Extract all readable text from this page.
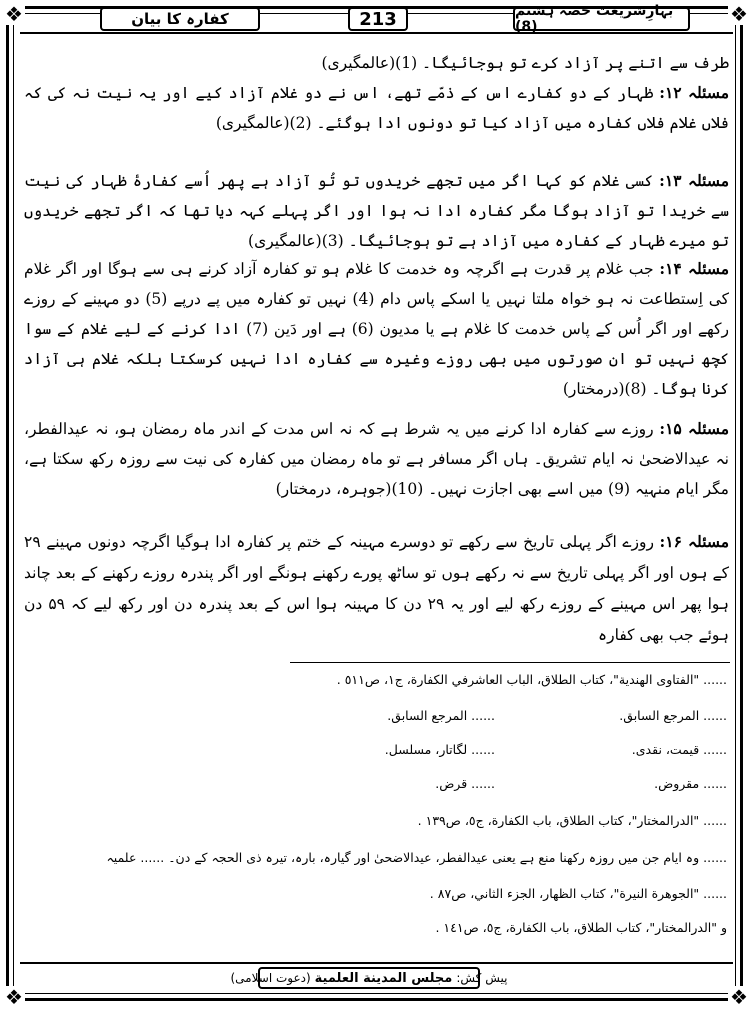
❖	❖
❖	❖
کفارہ کا بیان	213	بہارِشریعت حصہ ہشتم (8)
طرف سے اتنے پر آزاد کرے تو ہوجائیگا۔ (1)(عالمگیری)
مسئلہ ۱۲: ظہار کے دو کفارے اس کے ذمّے تھے، اس نے دو غلام آزاد کیے اور یہ نیت نہ کی کہ فلاں غلام فلاں کفارہ میں آزاد کیا تو دونوں ادا ہوگئے۔ (2)(عالمگیری)
مسئلہ ۱۳: کسی غلام کو کہا اگر میں تجھے خریدوں تو تُو آزاد ہے پھر اُسے کفارۂ ظہار کی نیت سے خریدا تو آزاد ہوگا مگر کفارہ ادا نہ ہوا اور اگر پہلے کہہ دیا تھا کہ اگر تجھے خریدوں تو میرے ظہار کے کفارہ میں آزاد ہے تو ہوجائیگا۔ (3)(عالمگیری)
مسئلہ ۱۴: جب غلام پر قدرت ہے اگرچہ وہ خدمت کا غلام ہو تو کفارہ آزاد کرنے ہی سے ہوگا اور اگر غلام کی اِستطاعت نہ ہو خواہ ملتا نہیں یا اسکے پاس دام (4) نہیں تو کفارہ میں پے درپے (5) دو مہینے کے روزے رکھے اور اگر اُس کے پاس خدمت کا غلام ہے یا مدیون (6) ہے اور دَین (7) ادا کرنے کے لیے غلام کے سوا کچھ نہیں تو ان صورتوں میں بھی روزے وغیرہ سے کفارہ ادا نہیں کرسکتا بلکہ غلام ہی آزاد کرنا ہوگا۔ (8)(درمختار)
مسئلہ ۱۵: روزے سے کفارہ ادا کرنے میں یہ شرط ہے کہ نہ اس مدت کے اندر ماہ رمضان ہو، نہ عیدالفطر، نہ عیدالاضحیٰ نہ ایام تشریق۔ ہاں اگر مسافر ہے تو ماہ رمضان میں کفارہ کی نیت سے روزہ رکھ سکتا ہے، مگر ایام منہیہ (9) میں اسے بھی اجازت نہیں۔ (10)(جوہرہ، درمختار)
مسئلہ ۱۶: روزے اگر پہلی تاریخ سے رکھے تو دوسرے مہینہ کے ختم پر کفارہ ادا ہوگیا اگرچہ دونوں مہینے ۲۹ کے ہوں اور اگر پہلی تاریخ سے نہ رکھے ہوں تو ساٹھ پورے رکھنے ہونگے اور اگر پندرہ روزے رکھنے کے بعد چاند ہوا پھر اس مہینے کے روزے رکھ لیے اور یہ ۲۹ دن کا مہینہ ہوا اس کے بعد پندرہ دن اور رکھ لیے کہ ۵۹ دن ہوئے جب بھی کفارہ
...... "الفتاوی الهندیة"، کتاب الطلاق، الباب العاشرفي الكفارة، ج١، ص٥١١ .
...... المرجع السابق.
...... المرجع السابق.
...... قیمت، نقدی.
...... لگاتار، مسلسل.
...... مقروض.
...... قرض.
...... "الدرالمختار"، کتاب الطلاق، باب الكفارة، ج٥، ص١٣٩ .
...... وہ ایام جن میں روزہ رکھنا منع ہے یعنی عیدالفطر، عیدالاضحیٰ اور گیارہ، بارہ، تیرہ ذی الحجہ کے دن۔ ...... علمیہ
...... "الجوهرة النيرة"، کتاب الظهار، الجزء الثاني، ص٨٧ .
و "الدرالمختار"، کتاب الطلاق، باب الكفارة، ج٥، ص١٤١ .
پیش کش:
مجلس المدينة العلمية
(دعوت اسلامی)
